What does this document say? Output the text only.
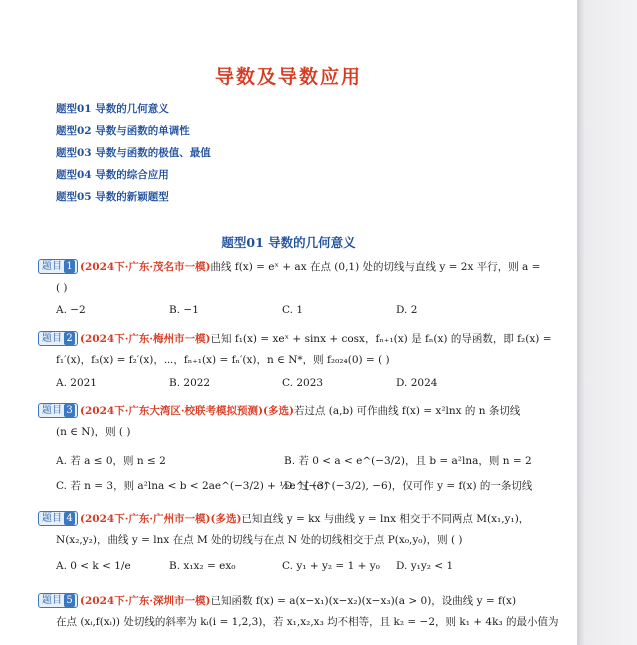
导数及导数应用
题型01 导数的几何意义
题型02 导数与函数的单调性
题型03 导数与函数的极值、最值
题型04 导数的综合应用
题型05 导数的新颖题型
题型01 导数的几何意义
题目 1 (2024下·广东·茂名市一模)曲线 f(x) = eˣ + ax 在点 (0,1) 处的切线与直线 y = 2x 平行，则 a =
( )
A. −2	B. −1	C. 1	D. 2
题目 2 (2024下·广东·梅州市一模)已知 f₁(x) = xeˣ + sinx + cosx，fₙ₊₁(x) 是 fₙ(x) 的导函数，即 f₂(x) =
f₁′(x)，f₃(x) = f₂′(x)，⋯，fₙ₊₁(x) = fₙ′(x)，n ∈ N*，则 f₂₀₂₄(0) = ( )
A. 2021	B. 2022	C. 2023	D. 2024
题目 3 (2024下·广东大湾区·校联考模拟预测)(多选)若过点 (a,b) 可作曲线 f(x) = x²lnx 的 n 条切线
(n ∈ N)，则 ( )
A. 若 a ≤ 0，则 n ≤ 2	B. 若 0 < a < e^(−3/2)，且 b = a²lna，则 n = 2
C. 若 n = 3，则 a²lna < b < 2ae^(−3/2) + ½e^(−3)
D. 过 (e^(−3/2), −6)，仅可作 y = f(x) 的一条切线
题目 4 (2024下·广东·广州市一模)(多选)已知直线 y = kx 与曲线 y = lnx 相交于不同两点 M(x₁,y₁)，
N(x₂,y₂)，曲线 y = lnx 在点 M 处的切线与在点 N 处的切线相交于点 P(x₀,y₀)，则 ( )
A. 0 < k < 1/e	B. x₁x₂ = ex₀	C. y₁ + y₂ = 1 + y₀ D. y₁y₂ < 1
题目 5 (2024下·广东·深圳市一模)已知函数 f(x) = a(x−x₁)(x−x₂)(x−x₃)(a > 0)，设曲线 y = f(x)
在点 (xᵢ,f(xᵢ)) 处切线的斜率为 kᵢ(i = 1,2,3)，若 x₁,x₂,x₃ 均不相等，且 k₂ = −2，则 k₁ + 4k₃ 的最小值为
